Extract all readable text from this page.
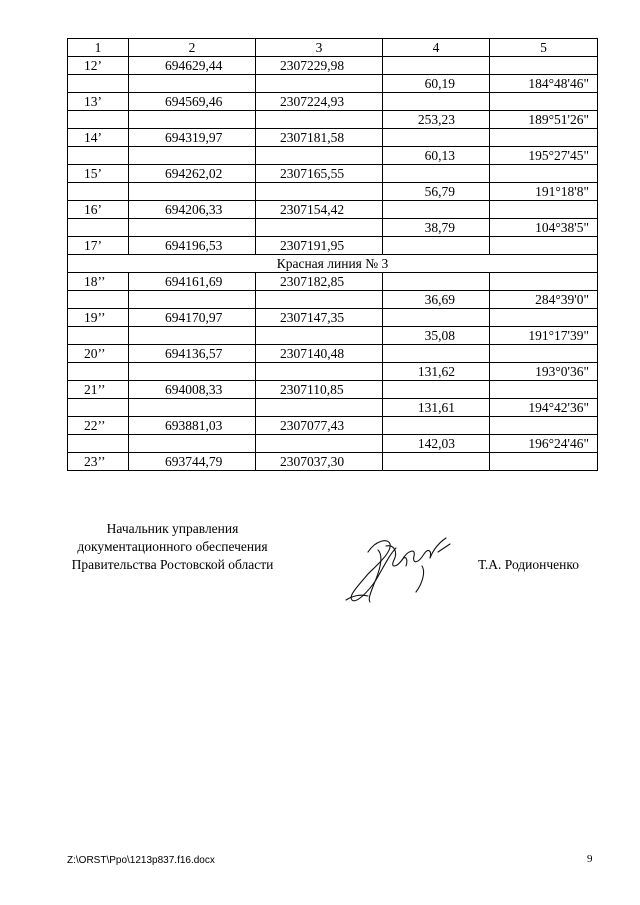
1	2	3	4	5
12’	694629,44	2307229,98		
			60,19	184°48'46"
13’	694569,46	2307224,93		
			253,23	189°51'26"
14’	694319,97	2307181,58		
			60,13	195°27'45"
15’	694262,02	2307165,55		
			56,79	191°18'8"
16’	694206,33	2307154,42		
			38,79	104°38'5"
17’	694196,53	2307191,95		
Красная линия № 3				
18’’	694161,69	2307182,85		
			36,69	284°39'0"
19’’	694170,97	2307147,35		
			35,08	191°17'39"
20’’	694136,57	2307140,48		
			131,62	193°0'36"
21’’	694008,33	2307110,85		
			131,61	194°42'36"
22’’	693881,03	2307077,43		
			142,03	196°24'46"
23’’	693744,79	2307037,30		
Начальник управления
документационного обеспечения
Правительства Ростовской области	Т.А. Родионченко
Z:\ORST\Ppo\1213p837.f16.docx	9
